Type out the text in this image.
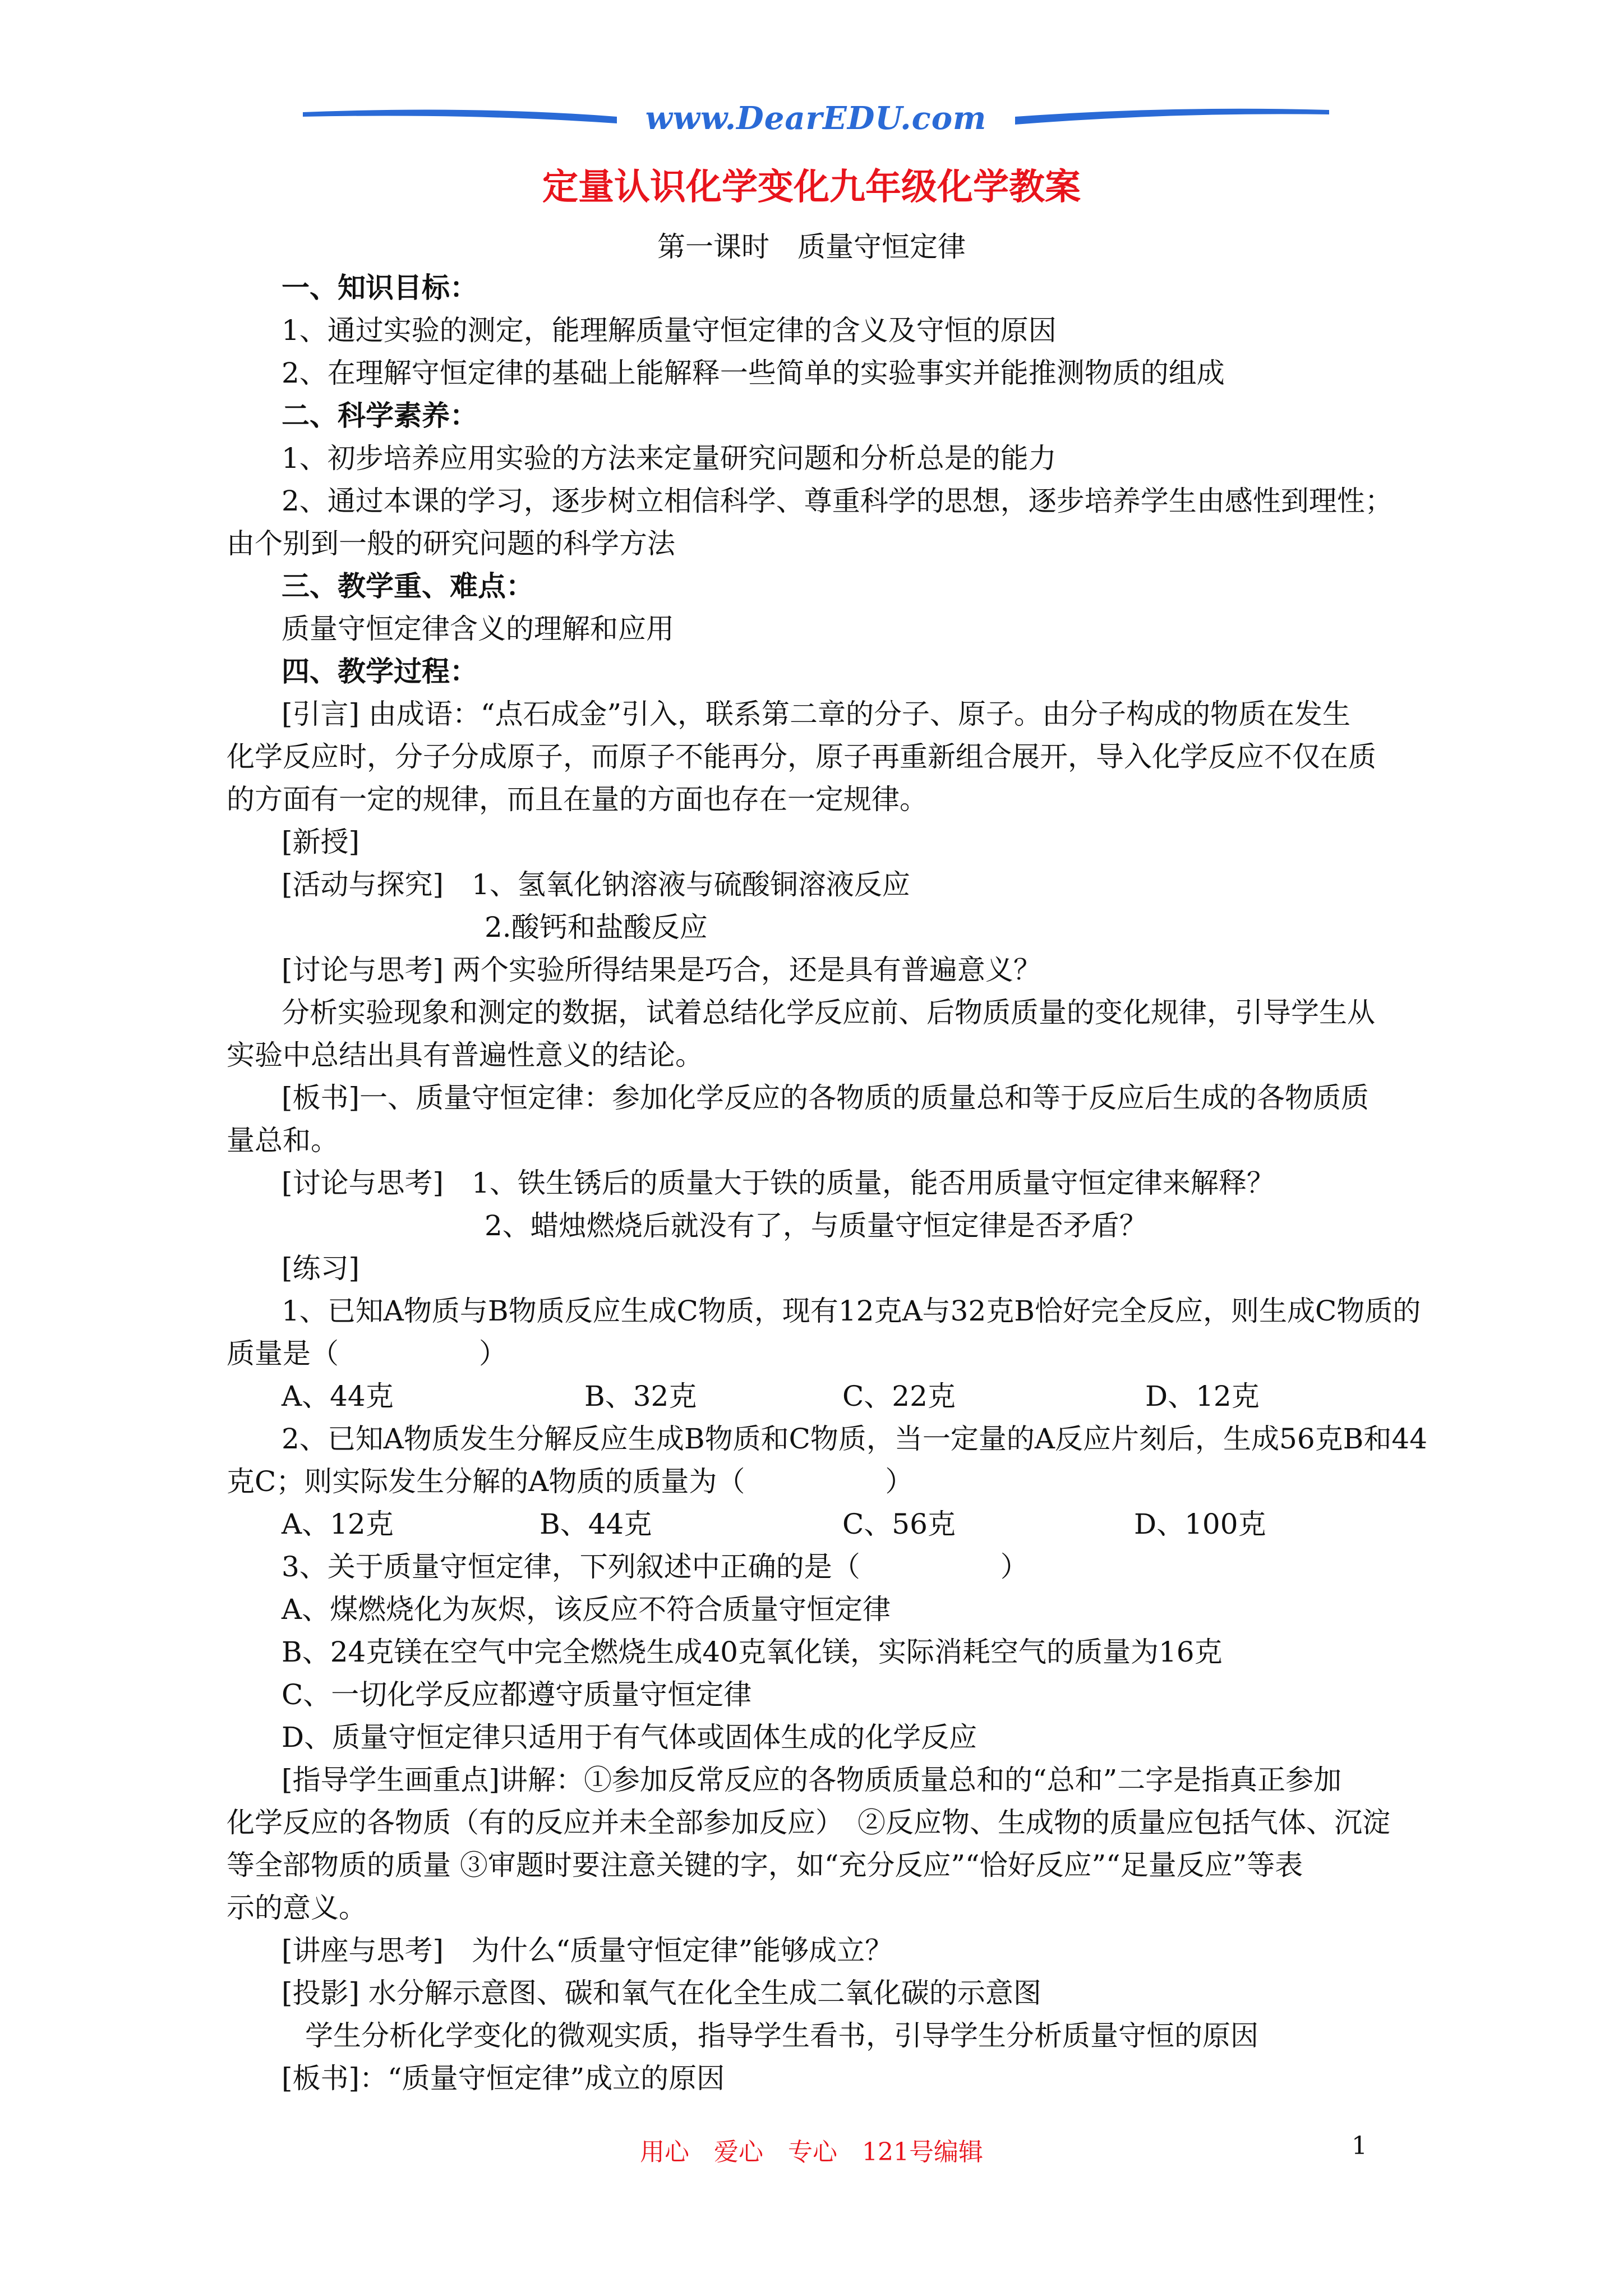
www.DearEDU.com
定量认识化学变化九年级化学教案
第一课时　质量守恒定律
一、知识目标：
1、通过实验的测定，能理解质量守恒定律的含义及守恒的原因
2、在理解守恒定律的基础上能解释一些简单的实验事实并能推测物质的组成
二、科学素养：
1、初步培养应用实验的方法来定量研究问题和分析总是的能力
2、通过本课的学习，逐步树立相信科学、尊重科学的思想，逐步培养学生由感性到理性；
由个别到一般的研究问题的科学方法
三、教学重、难点：
质量守恒定律含义的理解和应用
四、教学过程：
[引言] 由成语：“点石成金”引入，联系第二章的分子、原子。由分子构成的物质在发生
化学反应时，分子分成原子，而原子不能再分，原子再重新组合展开，导入化学反应不仅在质
的方面有一定的规律，而且在量的方面也存在一定规律。
[新授]
[活动与探究]　1、氢氧化钠溶液与硫酸铜溶液反应
2.酸钙和盐酸反应
[讨论与思考] 两个实验所得结果是巧合，还是具有普遍意义？
分析实验现象和测定的数据，试着总结化学反应前、后物质质量的变化规律，引导学生从
实验中总结出具有普遍性意义的结论。
[板书]一、质量守恒定律：参加化学反应的各物质的质量总和等于反应后生成的各物质质
量总和。
[讨论与思考]　1、铁生锈后的质量大于铁的质量，能否用质量守恒定律来解释？
2、蜡烛燃烧后就没有了，与质量守恒定律是否矛盾？
[练习]
1、已知A物质与B物质反应生成C物质，现有12克A与32克B恰好完全反应，则生成C物质的
质量是（　　　　　）
A、44克	B、32克	C、22克	D、12克
2、已知A物质发生分解反应生成B物质和C物质，当一定量的A反应片刻后，生成56克B和44
克C；则实际发生分解的A物质的质量为（　　　　　）
A、12克	B、44克	C、56克	D、100克
3、关于质量守恒定律，下列叙述中正确的是（　　　　　）
A、煤燃烧化为灰烬，该反应不符合质量守恒定律
B、24克镁在空气中完全燃烧生成40克氧化镁，实际消耗空气的质量为16克
C、一切化学反应都遵守质量守恒定律
D、质量守恒定律只适用于有气体或固体生成的化学反应
[指导学生画重点]讲解：①参加反常反应的各物质质量总和的“总和”二字是指真正参加
化学反应的各物质（有的反应并未全部参加反应）　②反应物、生成物的质量应包括气体、沉淀
等全部物质的质量 ③审题时要注意关键的字，如“充分反应”“恰好反应”“足量反应”等表
示的意义。
[讲座与思考]　为什么“质量守恒定律”能够成立？
[投影] 水分解示意图、碳和氧气在化全生成二氧化碳的示意图
学生分析化学变化的微观实质，指导学生看书，引导学生分析质量守恒的原因
[板书]：“质量守恒定律”成立的原因
用心　爱心　专心　121号编辑	1
